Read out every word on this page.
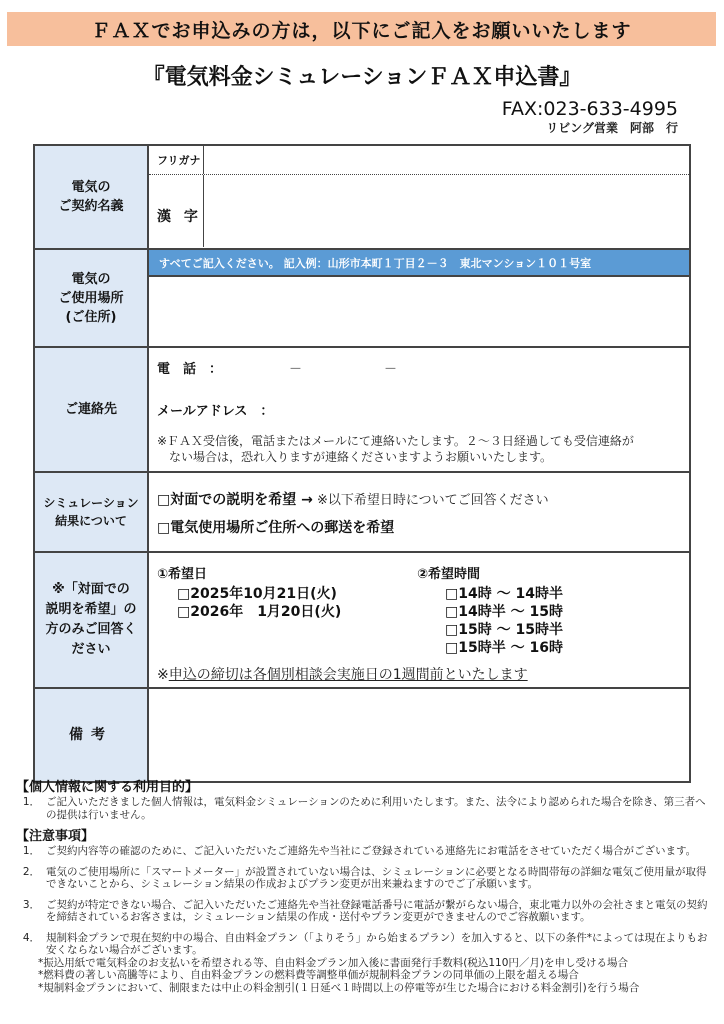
ＦＡＸでお申込みの方は，以下にご記入をお願いいたします
『電気料金シミュレーションＦＡＸ申込書』
FAX:023-633-4995
リビング営業　阿部　行
電気の
ご契約名義
フリガナ
漢 字
電気の
ご使用場所
(ご住所)
すべてご記入ください。 記入例：山形市本町１丁目２－３　東北マンション１０１号室
ご連絡先
電　話　：	－	－
メールアドレス　：
※ＦＡＸ受信後，電話またはメールにて連絡いたします。２～３日経過しても受信連絡が
ない場合は，恐れ入りますが連絡くださいますようお願いいたします。
シミュレーション
結果について
□対面での説明を希望 → ※以下希望日時についてご回答ください
□電気使用場所ご住所への郵送を希望
※「対面での
説明を希望」の
方のみご回答く
ださい
①希望日
□2025年10月21日(火)
□2026年　1月20日(火)
②希望時間
□14時 ～ 14時半
□14時半 ～ 15時
□15時 ～ 15時半
□15時半 ～ 16時
※申込の締切は各個別相談会実施日の1週間前といたします
備考
【個人情報に関する利用目的】
1． ご記入いただきました個人情報は，電気料金シミュレーションのために利用いたします。また、法令により認められた場合を除き、第三者への提供は行いません。
【注意事項】
1． ご契約内容等の確認のために、ご記入いただいたご連絡先や当社にご登録されている連絡先にお電話をさせていただく場合がございます。
2． 電気のご使用場所に「スマートメーター」が設置されていない場合は、シミュレーションに必要となる時間帯毎の詳細な電気ご使用量が取得できないことから、シミュレーション結果の作成およびプラン変更が出来兼ねますのでご了承願います。
3． ご契約が特定できない場合、ご記入いただいたご連絡先や当社登録電話番号に電話が繋がらない場合，東北電力以外の会社さまと電気の契約を締結されているお客さまは，シミュレーション結果の作成・送付やプラン変更ができませんのでご容赦願います。
4． 規制料金プランで現在契約中の場合、自由料金プラン（「よりそう」から始まるプラン）を加入すると、以下の条件*によっては現在よりもお安くならない場合がございます。
*振込用紙で電気料金のお支払いを希望される等、自由料金プラン加入後に書面発行手数料(税込110円／月)を申し受ける場合
*燃料費の著しい高騰等により、自由料金プランの燃料費等調整単価が規制料金プランの同単価の上限を超える場合
*規制料金プランにおいて、制限または中止の料金割引(１日延べ１時間以上の停電等が生じた場合における料金割引)を行う場合
